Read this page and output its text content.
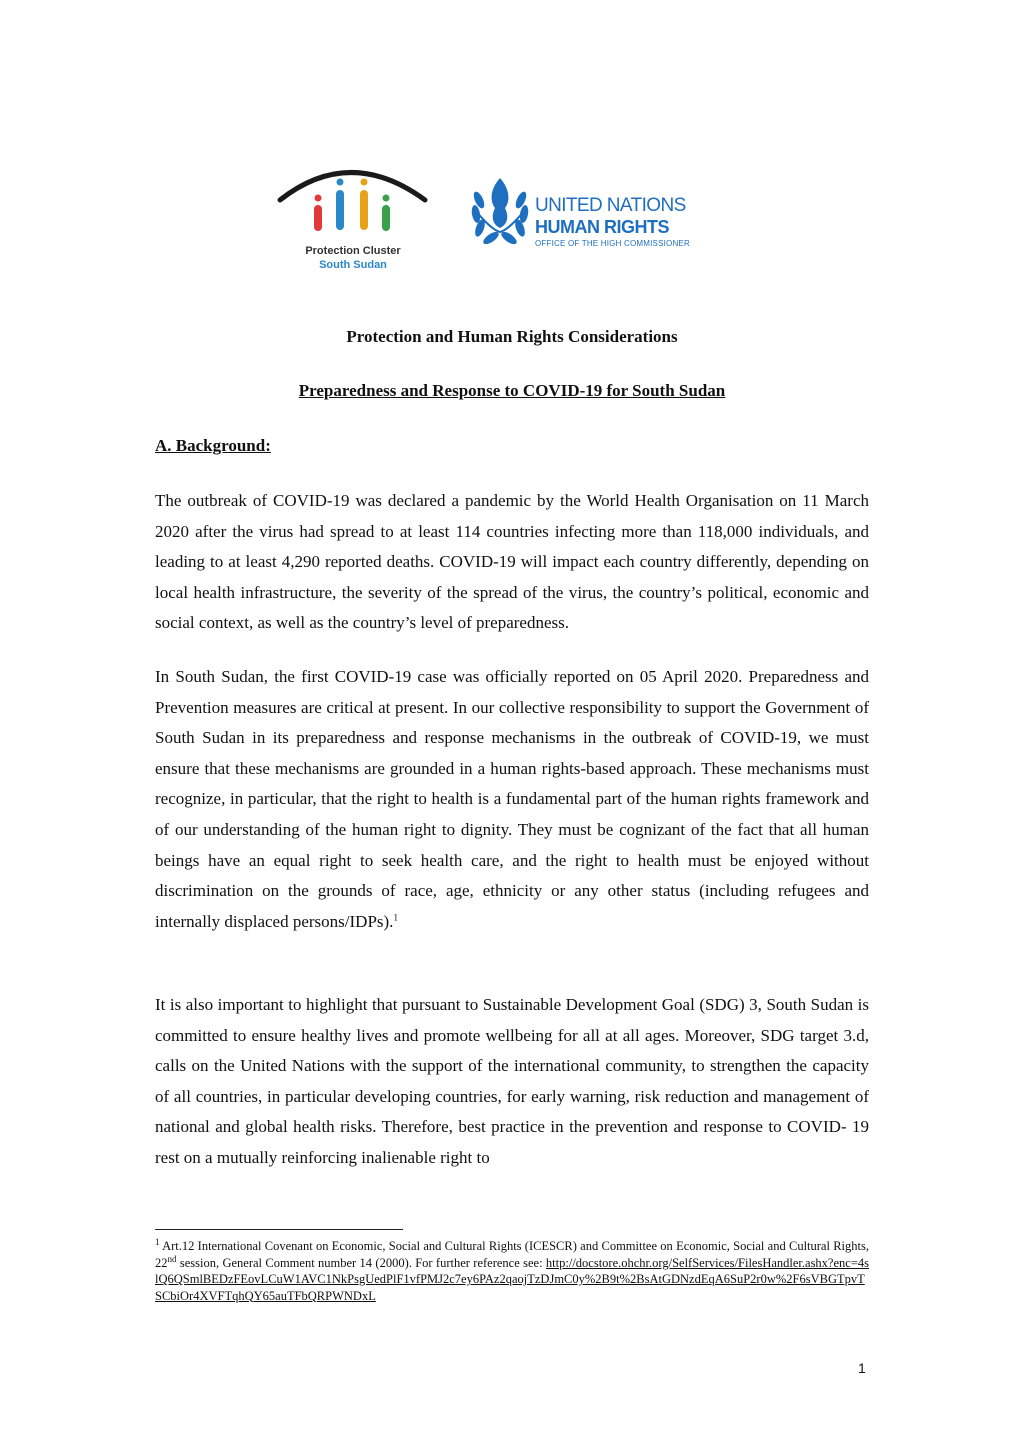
Protection Cluster
South Sudan
UNITED NATIONS
HUMAN RIGHTS
OFFICE OF THE HIGH COMMISSIONER
Protection and Human Rights Considerations
Preparedness and Response to COVID-19 for South Sudan
A. Background:

The outbreak of COVID-19 was declared a pandemic by the World Health Organisation on 11 March 2020 after the virus had spread to at least 114 countries infecting more than 118,000 individuals, and leading to at least 4,290 reported deaths. COVID-19 will impact each country differently, depending on local health infrastructure, the severity of the spread of the virus, the country’s political, economic and social context, as well as the country’s level of preparedness.

In South Sudan, the first COVID-19 case was officially reported on 05 April 2020. Preparedness and Prevention measures are critical at present. In our collective responsibility to support the Government of South Sudan in its preparedness and response mechanisms in the outbreak of COVID-19, we must ensure that these mechanisms are grounded in a human rights-based approach. These mechanisms must recognize, in particular, that the right to health is a fundamental part of the human rights framework and of our understanding of the human right to dignity. They must be cognizant of the fact that all human beings have an equal right to seek health care, and the right to health must be enjoyed without discrimination on the grounds of race, age, ethnicity or any other status (including refugees and internally displaced persons/IDPs).$^1$

It is also important to highlight that pursuant to Sustainable Development Goal (SDG) 3, South Sudan is committed to ensure healthy lives and promote wellbeing for all at all ages. Moreover, SDG target 3.d, calls on the United Nations with the support of the international community, to strengthen the capacity of all countries, in particular developing countries, for early warning, risk reduction and management of national and global health risks. Therefore, best practice in the prevention and response to COVID- 19 rest on a mutually reinforcing inalienable right to

$^1$ Art.12 International Covenant on Economic, Social and Cultural Rights (ICESCR) and Committee on Economic, Social and Cultural Rights, 22nd session, General Comment number 14 (2000). For further reference see: http://docstore.ohchr.org/SelfServices/FilesHandler.ashx?enc=4slQ6QSmlBEDzFEovLCuW1AVC1NkPsgUedPlF1vfPMJ2c7ey6PAz2qaojTzDJmC0y%2B9t%2BsAtGDNzdEqA6SuP2r0w%2F6sVBGTpvTSCbiOr4XVFTqhQY65auTFbQRPWNDxL
1
